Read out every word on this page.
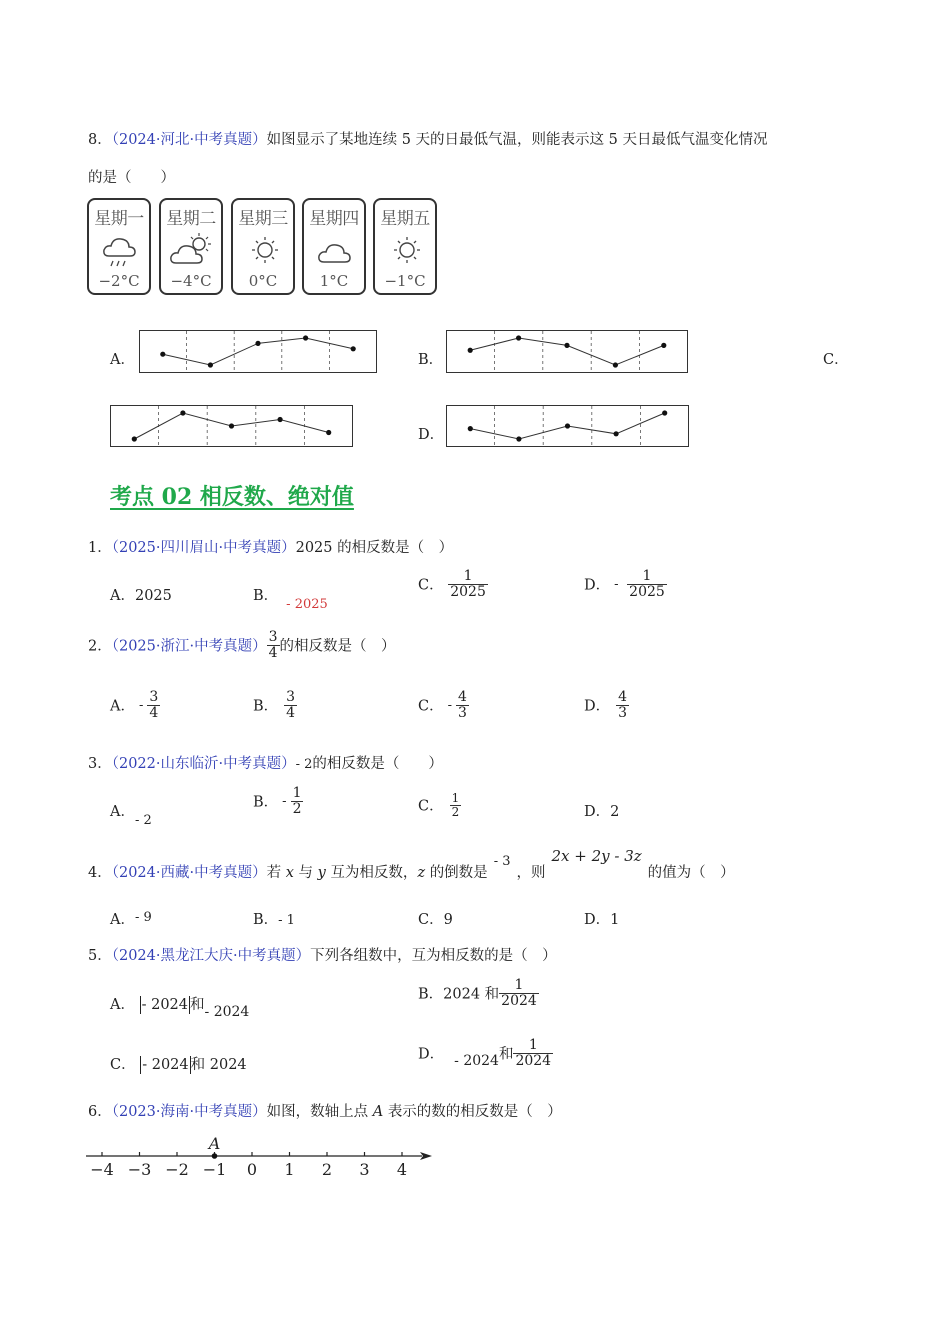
8．（2024·河北·中考真题）如图显示了某地连续 5 天的日最低气温，则能表示这 5 天日最低气温变化情况
的是（　　）
星期一
−2°C
星期二
−4°C
星期三
0°C
星期四
1°C
星期五
−1°C
A．	B．	C．
D．
考点 02 相反数、绝对值
1．（2025·四川眉山·中考真题）2025 的相反数是（　）
A．2025	B．- 2025
C． $\frac{1}{2025}$	D． - $\frac{1}{2025}$
2．（2025·浙江·中考真题） $\frac{3}{4}$ 的相反数是（　）
A． - $\frac{3}{4}$	B． $\frac{3}{4}$	C． - $\frac{4}{3}$	D． $\frac{4}{3}$
3．（2022·山东临沂·中考真题）- 2的相反数是（　　）
A．- 2
B． - $\frac{1}{2}$	C． $\frac{1}{2}$	D．2
4．（2024·西藏·中考真题）若 x 与 y 互为相反数，z 的倒数是- 3，则2x + 2y - 3z的值为（　）
A．- 9	B．- 1	C．9	D．1
5．（2024·黑龙江大庆·中考真题）下列各组数中，互为相反数的是（　）
A． - 2024 和- 2024
B．2024 和 $\frac{1}{2024}$
C． - 2024 和 2024
D． - 2024和 $\frac{1}{2024}$
6．（2023·海南·中考真题）如图，数轴上点 A 表示的数的相反数是（　）
−4 −3 −2 −1 0 1 2 3 4
A
